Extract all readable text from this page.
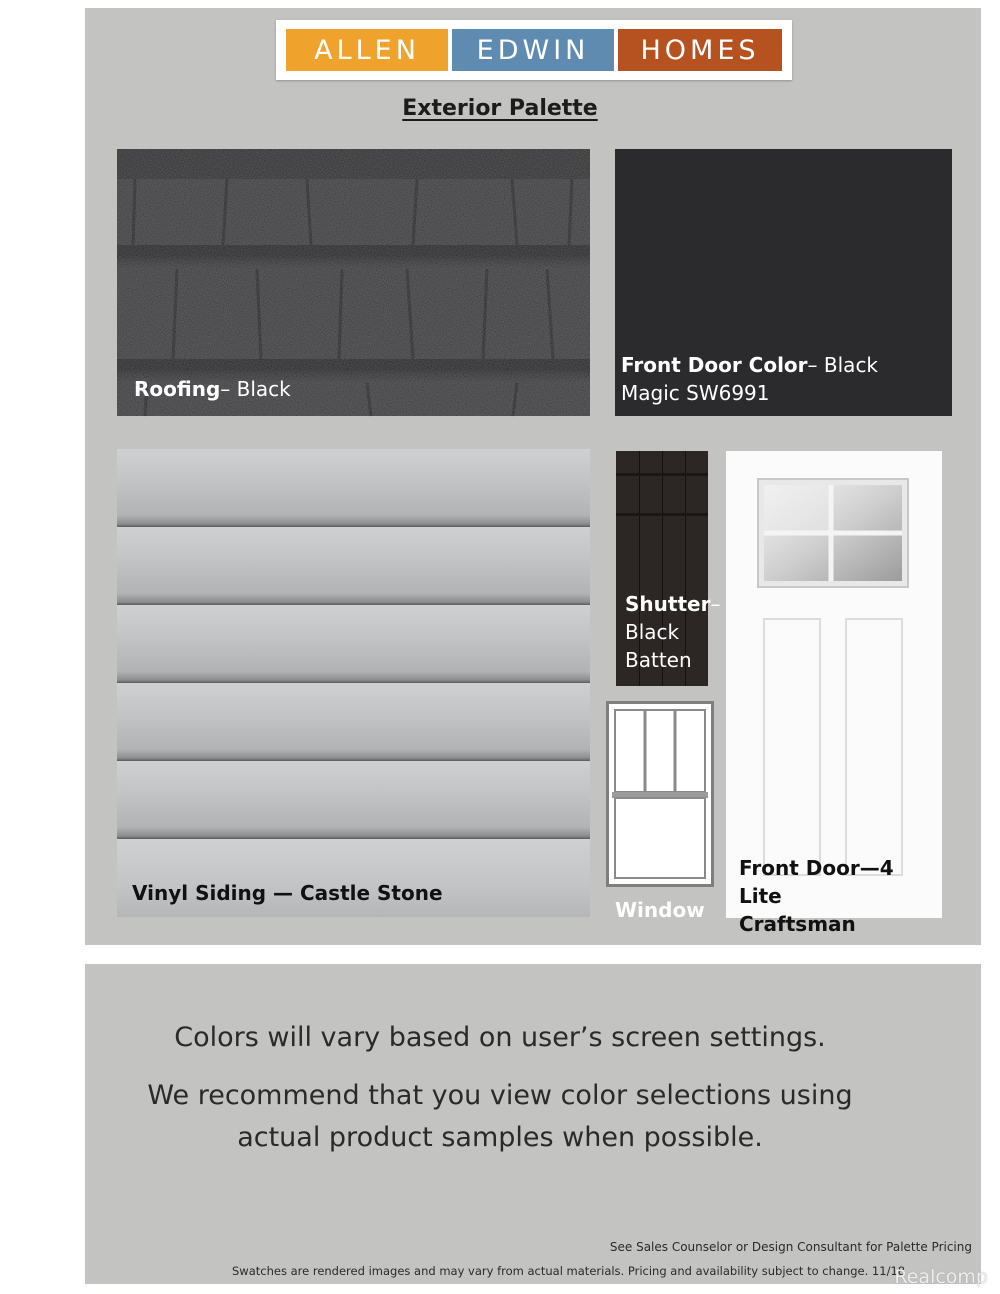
ALLEN	EDWIN	HOMES
Exterior Palette
Roofing– Black
Front Door Color– Black
Magic SW6991
Vinyl Siding — Castle Stone
Shutter–
Black
Batten
Window
Front Door—4 Lite
Craftsman
Colors will vary based on user’s screen settings.
We recommend that you view color selections using
actual product samples when possible.
See Sales Counselor or Design Consultant for Palette Pricing
Swatches are rendered images and may vary from actual materials. Pricing and availability subject to change. 11/18
Realcomp
